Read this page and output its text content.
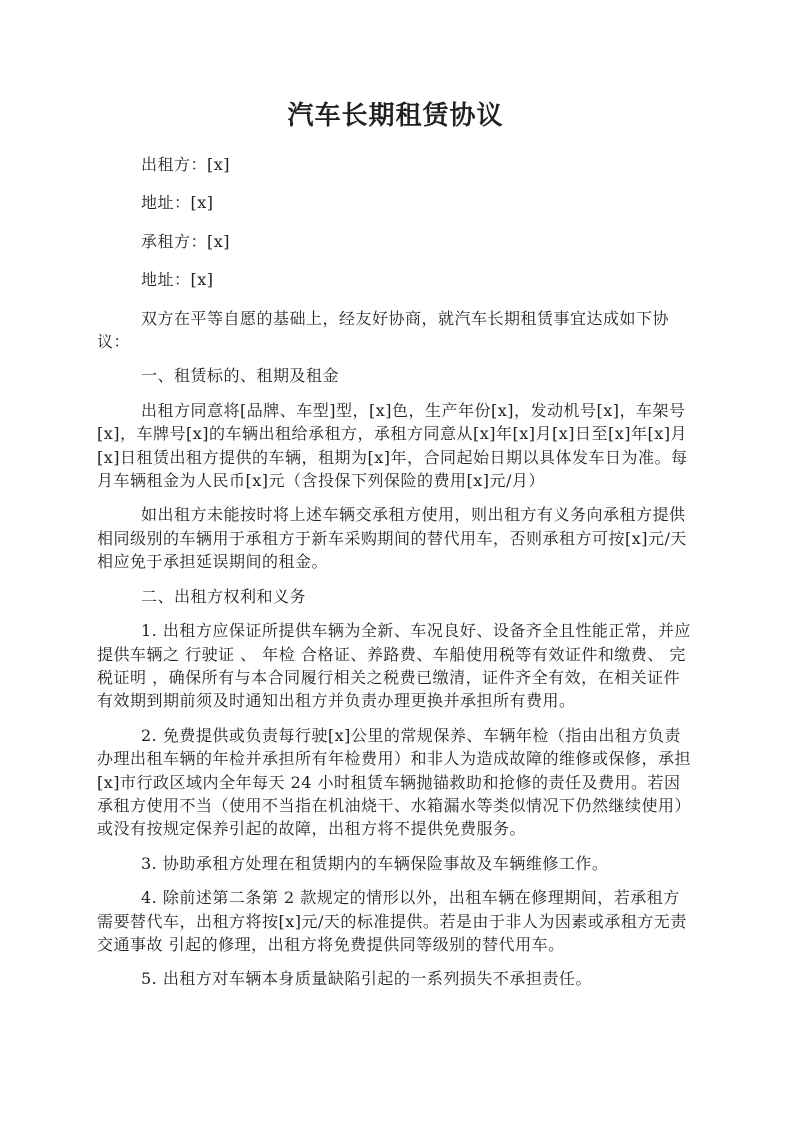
汽车长期租赁协议

出租方：[x]

地址：[x]

承租方：[x]

地址：[x]

双方在平等自愿的基础上，经友好协商，就汽车长期租赁事宜达成如下协议：

一、租赁标的、租期及租金

出租方同意将[品牌、车型]型，[x]色，生产年份[x]，发动机号[x]，车架号[x]，车牌号[x]的车辆出租给承租方，承租方同意从[x]年[x]月[x]日至[x]年[x]月[x]日租赁出租方提供的车辆，租期为[x]年，合同起始日期以具体发车日为准。每月车辆租金为人民币[x]元（含投保下列保险的费用[x]元/月）

如出租方未能按时将上述车辆交承租方使用，则出租方有义务向承租方提供相同级别的车辆用于承租方于新车采购期间的替代用车，否则承租方可按[x]元/天相应免于承担延误期间的租金。

二、出租方权利和义务

1. 出租方应保证所提供车辆为全新、车况良好、设备齐全且性能正常，并应提供车辆之 行驶证 、 年检 合格证、养路费、车船使用税等有效证件和缴费、 完税证明 ，确保所有与本合同履行相关之税费已缴清，证件齐全有效，在相关证件有效期到期前须及时通知出租方并负责办理更换并承担所有费用。

2. 免费提供或负责每行驶[x]公里的常规保养、车辆年检（指由出租方负责办理出租车辆的年检并承担所有年检费用）和非人为造成故障的维修或保修，承担[x]市行政区域内全年每天 24 小时租赁车辆抛锚救助和抢修的责任及费用。若因承租方使用不当（使用不当指在机油烧干、水箱漏水等类似情况下仍然继续使用）或没有按规定保养引起的故障，出租方将不提供免费服务。

3. 协助承租方处理在租赁期内的车辆保险事故及车辆维修工作。

4. 除前述第二条第 2 款规定的情形以外，出租车辆在修理期间，若承租方需要替代车，出租方将按[x]元/天的标准提供。若是由于非人为因素或承租方无责 交通事故 引起的修理，出租方将免费提供同等级别的替代用车。

5. 出租方对车辆本身质量缺陷引起的一系列损失不承担责任。
